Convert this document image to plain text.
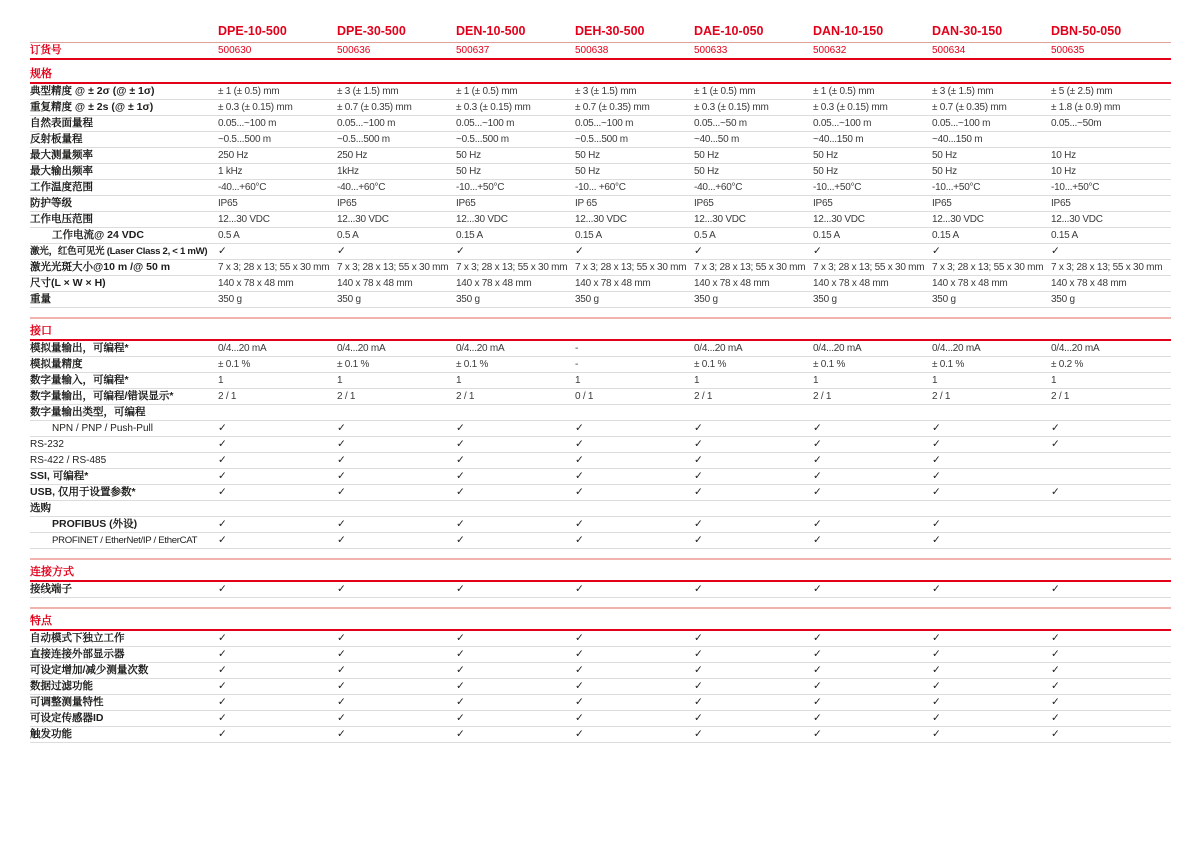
DPE-10-500	DPE-30-500	DEN-10-500	DEH-30-500	DAE-10-050	DAN-10-150	DAN-30-150	DBN-50-050
订货号	500630	500636	500637	500638	500633	500632	500634	500635
规格
典型精度 @ ± 2σ (@ ± 1σ)	± 1 (± 0.5) mm	± 3 (± 1.5) mm	± 1 (± 0.5) mm	± 3 (± 1.5) mm	± 1 (± 0.5) mm	± 1 (± 0.5) mm	± 3 (± 1.5) mm	± 5 (± 2.5) mm
重复精度 @ ± 2s (@ ± 1σ)	± 0.3 (± 0.15) mm	± 0.7 (± 0.35) mm	± 0.3 (± 0.15) mm	± 0.7 (± 0.35) mm	± 0.3 (± 0.15) mm	± 0.3 (± 0.15) mm	± 0.7 (± 0.35) mm	± 1.8 (± 0.9) mm
自然表面量程	0.05...~100 m	0.05...~100 m	0.05...~100 m	0.05...~100 m	0.05...~50 m	0.05...~100 m	0.05...~100 m	0.05...~50m
反射板量程	~0.5...500 m	~0.5...500 m	~0.5...500 m	~0.5...500 m	~40...50 m	~40...150 m	~40...150 m
最大测量频率	250 Hz	250 Hz	50 Hz	50 Hz	50 Hz	50 Hz	50 Hz	10 Hz
最大输出频率	1 kHz	1kHz	50 Hz	50 Hz	50 Hz	50 Hz	50 Hz	10 Hz
工作温度范围	-40...+60°C	-40...+60°C	-10...+50°C	-10... +60°C	-40...+60°C	-10...+50°C	-10...+50°C	-10...+50°C
防护等级	IP65	IP65	IP65	IP 65	IP65	IP65	IP65	IP65
工作电压范围	12...30 VDC	12...30 VDC	12...30 VDC	12...30 VDC	12...30 VDC	12...30 VDC	12...30 VDC	12...30 VDC
工作电流@ 24 VDC	0.5 A	0.5 A	0.15 A	0.15 A	0.5 A	0.15 A	0.15 A	0.15 A
激光，红色可见光 (Laser Class 2, < 1 mW)	✓	✓	✓	✓	✓	✓	✓	✓
激光光斑大小@10 m /@ 50 m	7 x 3; 28 x 13; 55 x 30 mm 7 x 3; 28 x 13; 55 x 30 mm 7 x 3; 28 x 13; 55 x 30 mm 7 x 3; 28 x 13; 55 x 30 mm 7 x 3; 28 x 13; 55 x 30 mm 7 x 3; 28 x 13; 55 x 30 mm 7 x 3; 28 x 13; 55 x 30 mm 7 x 3; 28 x 13; 55 x 30 mm
尺寸(L × W × H)	140 x 78 x 48 mm	140 x 78 x 48 mm	140 x 78 x 48 mm	140 x 78 x 48 mm	140 x 78 x 48 mm	140 x 78 x 48 mm	140 x 78 x 48 mm	140 x 78 x 48 mm
重量	350 g	350 g	350 g	350 g	350 g	350 g	350 g	350 g
接口
模拟量输出，可编程*	0/4...20 mA	0/4...20 mA	0/4...20 mA	-	0/4...20 mA	0/4...20 mA	0/4...20 mA	0/4...20 mA
模拟量精度	± 0.1 %	± 0.1 %	± 0.1 %	-	± 0.1 %	± 0.1 %	± 0.1 %	± 0.2 %
数字量输入，可编程*	1	1	1	1	1	1	1	1
数字量输出，可编程/错误显示*	2 / 1	2 / 1	2 / 1	0 / 1	2 / 1	2 / 1	2 / 1	2 / 1
数字量输出类型，可编程
NPN / PNP / Push-Pull	✓	✓	✓	✓	✓	✓	✓	✓
RS-232	✓	✓	✓	✓	✓	✓	✓	✓
RS-422 / RS-485	✓	✓	✓	✓	✓	✓	✓
SSI, 可编程*	✓	✓	✓	✓	✓	✓	✓
USB, 仅用于设置参数*	✓	✓	✓	✓	✓	✓	✓	✓
选购
PROFIBUS (外设)	✓	✓	✓	✓	✓	✓	✓
PROFINET / EtherNet/IP / EtherCAT	✓	✓	✓	✓	✓	✓	✓
连接方式
接线端子	✓	✓	✓	✓	✓	✓	✓	✓
特点
自动模式下独立工作	✓	✓	✓	✓	✓	✓	✓	✓
直接连接外部显示器	✓	✓	✓	✓	✓	✓	✓	✓
可设定增加/减少测量次数	✓	✓	✓	✓	✓	✓	✓	✓
数据过滤功能	✓	✓	✓	✓	✓	✓	✓	✓
可调整测量特性	✓	✓	✓	✓	✓	✓	✓	✓
可设定传感器ID	✓	✓	✓	✓	✓	✓	✓	✓
触发功能	✓	✓	✓	✓	✓	✓	✓	✓
